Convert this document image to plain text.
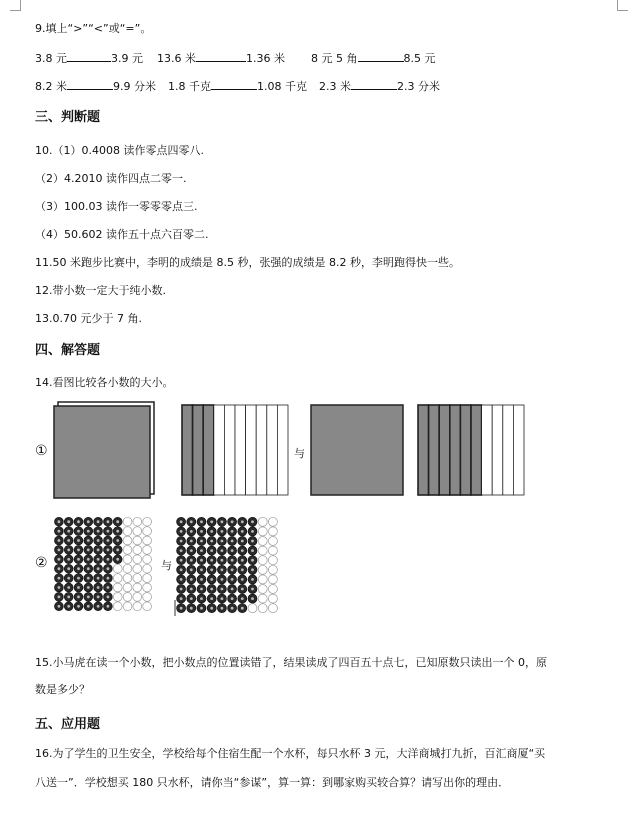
9.填上“>”“<”或“=”。
3.8 元	3.9 元 13.6 米	1.36 米 8 元 5 角	8.5 元
8.2 米	9.9 分米 1.8 千克	1.08 千克 2.3 米	2.3 分米
三、判断题
10.（1）0.4008 读作零点四零八.
（2）4.2010 读作四点二零一.
（3）100.03 读作一零零零点三.
（4）50.602 读作五十点六百零二.
11.50 米跑步比赛中，李明的成绩是 8.5 秒，张强的成绩是 8.2 秒，李明跑得快一些。
12.带小数一定大于纯小数.
13.0.70 元少于 7 角.
四、解答题
14.看图比较各小数的大小。
①
②
与
与
15.小马虎在读一个小数，把小数点的位置读错了，结果读成了四百五十点七，已知原数只读出一个 0，原
数是多少？
五、应用题
16.为了学生的卫生安全，学校给每个住宿生配一个水杯，每只水杯 3 元，大洋商城打九折，百汇商厦“买
八送一”．学校想买 180 只水杯，请你当“参谋”，算一算：到哪家购买较合算？请写出你的理由．
